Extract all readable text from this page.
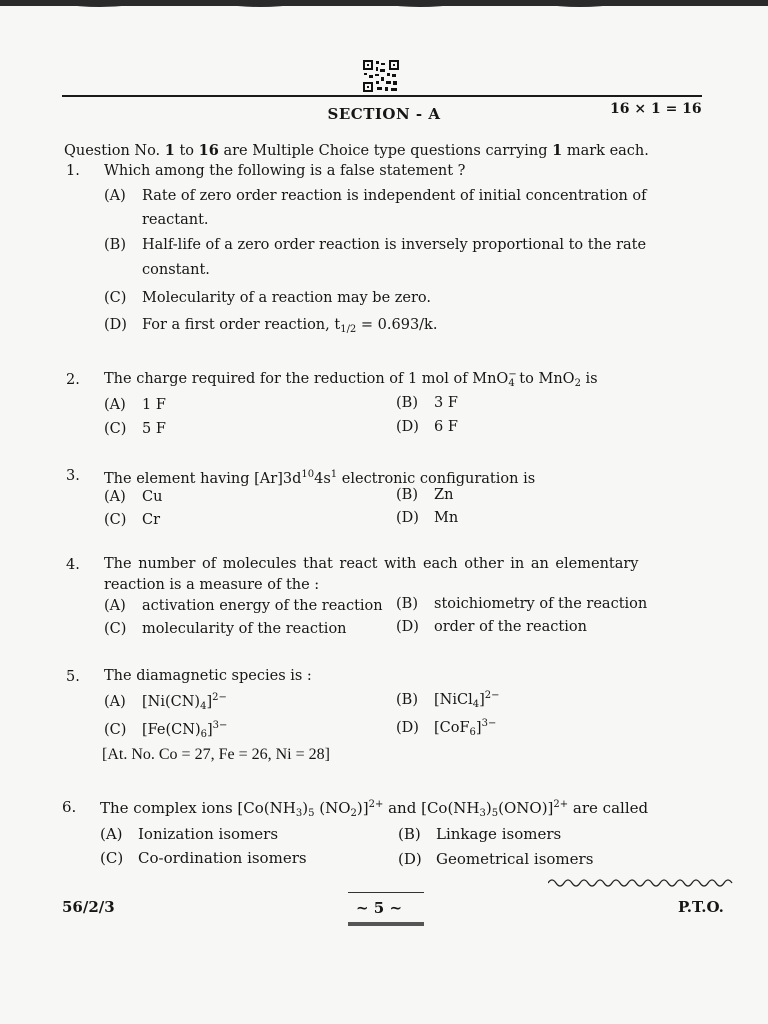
SECTION - A	16 × 1 = 16
Question No. 1 to 16 are Multiple Choice type questions carrying 1 mark each.
1. Which among the following is a false statement ?
(A) Rate of zero order reaction is independent of initial concentration of
reactant.
(B) Half-life of a zero order reaction is inversely proportional to the rate
constant.
(C) Molecularity of a reaction may be zero.
(D) For a first order reaction, $t_{1/2} = 0.693/k$.
2. The charge required for the reduction of 1 mol of MnO$_4$
−
to MnO$_2$ is
(A) 1 F	(B) 3 F
(C) 5 F	(D) 6 F
3. The element having $[Ar]3d^{10}4s^1$ electronic configuration is
(A) Cu	(B) Zn
(C) Cr	(D) Mn
4. The number of molecules that react with each other in an elementary
reaction is a measure of the :
(A) activation energy of the reaction (B) stoichiometry of the reaction
(C) molecularity of the reaction	(D) order of the reaction
5. The diamagnetic species is :
(A) $[Ni(CN)_4]^{2-}$	(B) [NiCl$_4$]$^{2-}$
(C) $[Fe(CN)_6]^{3-}$	(D) $[CoF_6]^{3-}$
[At. No. Co = 27, Fe = 26, Ni = 28]
6. The complex ions [$Co(NH_3)_5$ $(NO_2)]^{2+}$ and $[Co(NH_3)_5(ONO)]^{2+}$ are called
(A) Ionization isomers	(B) Linkage isomers
(C) Co-ordination isomers	(D) Geometrical isomers
56/2/3	~ 5 ~	P.T.O.
